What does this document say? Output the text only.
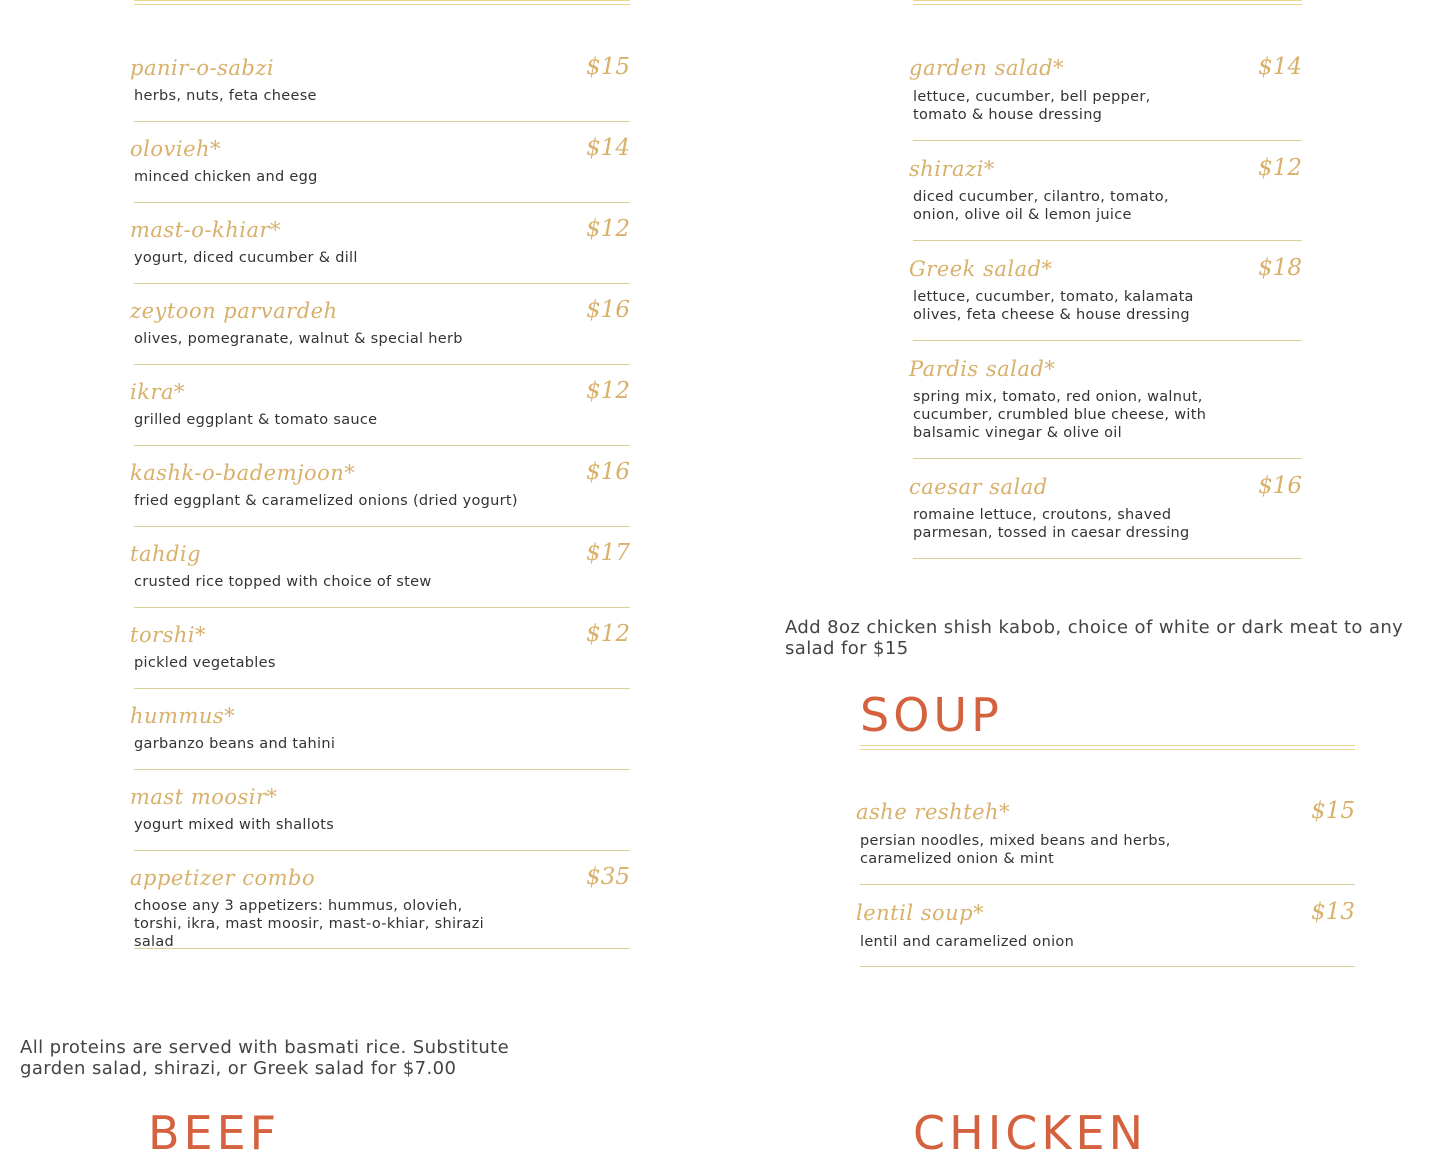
panir-o-sabzi	$15
herbs, nuts, feta cheese
olovieh*	$14
minced chicken and egg
mast-o-khiar*	$12
yogurt, diced cucumber & dill
zeytoon parvardeh	$16
olives, pomegranate, walnut & special herb
ikra*	$12
grilled eggplant & tomato sauce
kashk-o-bademjoon*	$16
fried eggplant & caramelized onions (dried yogurt)
tahdig	$17
crusted rice topped with choice of stew
torshi*	$12
pickled vegetables
hummus*
garbanzo beans and tahini
mast moosir*
yogurt mixed with shallots
appetizer combo	$35
choose any 3 appetizers: hummus, olovieh, torshi, ikra, mast moosir, mast-o-khiar, shirazi salad
garden salad*	$14
lettuce, cucumber, bell pepper, tomato & house dressing
shirazi*	$12
diced cucumber, cilantro, tomato, onion, olive oil & lemon juice
Greek salad*	$18
lettuce, cucumber, tomato, kalamata olives, feta cheese & house dressing
Pardis salad*
spring mix, tomato, red onion, walnut, cucumber, crumbled blue cheese, with balsamic vinegar & olive oil
caesar salad	$16
romaine lettuce, croutons, shaved parmesan, tossed in caesar dressing
Add 8oz chicken shish kabob, choice of white or dark meat to any salad for $15
SOUP
ashe reshteh*	$15
persian noodles, mixed beans and herbs, caramelized onion & mint
lentil soup*	$13
lentil and caramelized onion
All proteins are served with basmati rice. Substitute garden salad, shirazi, or Greek salad for $7.00
BEEF	CHICKEN
